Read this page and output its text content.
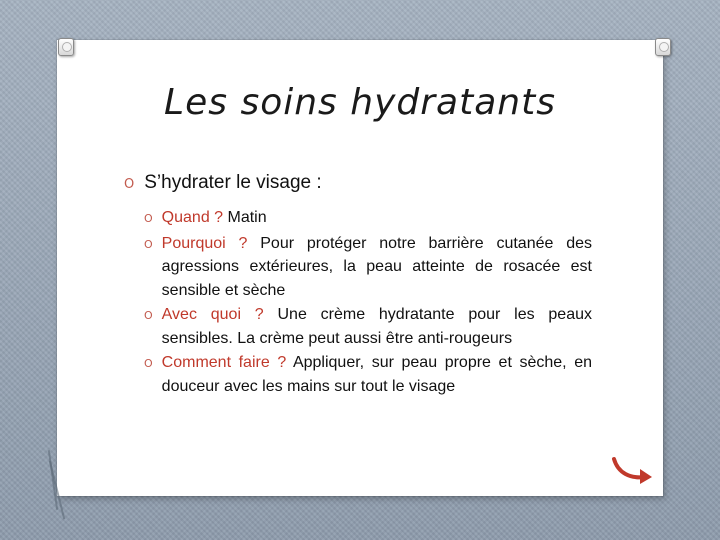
Les soins hydratants
O S’hydrater le visage :
O Quand ? Matin
O Pourquoi ? Pour protéger notre barrière cutanée des agressions extérieures, la peau atteinte de rosacée est sensible et sèche
O Avec quoi ? Une crème hydratante pour les peaux sensibles. La crème peut aussi être anti-rougeurs
O Comment faire ? Appliquer, sur peau propre et sèche, en douceur avec les mains sur tout le visage
